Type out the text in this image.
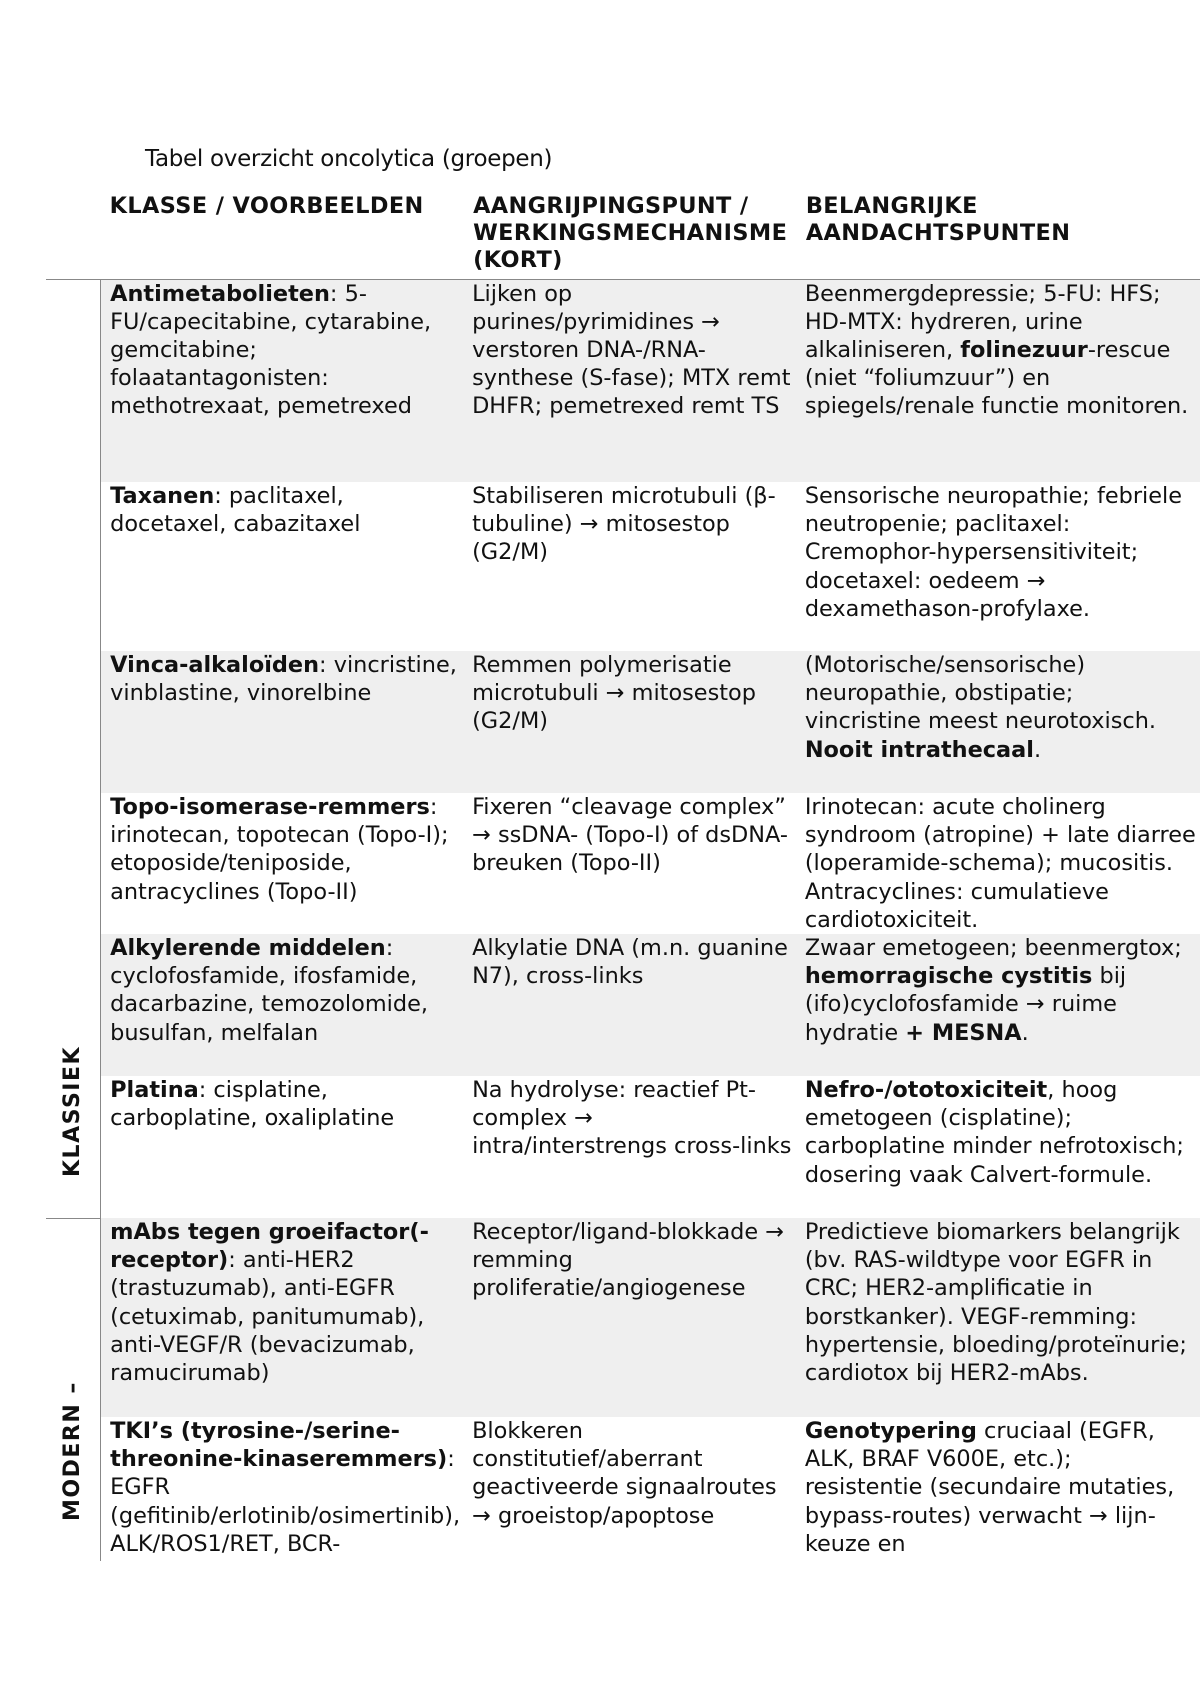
Tabel overzicht oncolytica (groepen)
	KLASSE / VOORBEELDEN	AANGRIJPINGSPUNT / WERKINGSMECHANISME (KORT)	BELANGRIJKE AANDACHTSPUNTEN

KLASSIEK	Antimetabolieten: 5-FU/capecitabine, cytarabine, gemcitabine; folaatantagonisten: methotrexaat, pemetrexed	Lijken op purines/pyrimidines → verstoren DNA-/RNA-synthese (S-fase); MTX remt DHFR; pemetrexed remt TS	Beenmergdepressie; 5-FU: HFS; HD-MTX: hydreren, urine alkaliniseren, folinezuur-rescue (niet “foliumzuur”) en spiegels/renale functie monitoren.
	Taxanen: paclitaxel, docetaxel, cabazitaxel	Stabiliseren microtubuli (β-tubuline) → mitosestop (G2/M)	Sensorische neuropathie; febriele neutropenie; paclitaxel: Cremophor-hypersensitiviteit; docetaxel: oedeem → dexamethason-profylaxe.
	Vinca-alkaloïden: vincristine, vinblastine, vinorelbine	Remmen polymerisatie microtubuli → mitosestop (G2/M)	(Motorische/sensorische) neuropathie, obstipatie; vincristine meest neurotoxisch. Nooit intrathecaal.
	Topo-isomerase-remmers: irinotecan, topotecan (Topo-I); etoposide/teniposide, antracyclines (Topo-II)	Fixeren “cleavage complex” → ssDNA- (Topo-I) of dsDNA-breuken (Topo-II)	Irinotecan: acute cholinerg syndroom (atropine) + late diarree (loperamide-schema); mucositis. Antracyclines: cumulatieve cardiotoxiciteit.
	Alkylerende middelen: cyclofosfamide, ifosfamide, dacarbazine, temozolomide, busulfan, melfalan	Alkylatie DNA (m.n. guanine N7), cross-links	Zwaar emetogeen; beenmergtox; hemorragische cystitis bij (ifo)cyclofosfamide → ruime hydratie + MESNA.
	Platina: cisplatine, carboplatine, oxaliplatine	Na hydrolyse: reactief Pt-complex → intra/interstrengs cross-links	Nefro-/ototoxiciteit, hoog emetogeen (cisplatine); carboplatine minder nefrotoxisch; dosering vaak Calvert-formule.

MODERN –	mAbs tegen groeifactor(-receptor): anti-HER2 (trastuzumab), anti-EGFR (cetuximab, panitumumab), anti-VEGF/R (bevacizumab, ramucirumab)	Receptor/ligand-blokkade → remming proliferatie/angiogenese	Predictieve biomarkers belangrijk (bv. RAS-wildtype voor EGFR in CRC; HER2-amplificatie in borstkanker). VEGF-remming: hypertensie, bloeding/proteïnurie; cardiotox bij HER2-mAbs.
	TKI’s (tyrosine-/serine-threonine-kinaseremmers): EGFR (gefitinib/erlotinib/osimertinib), ALK/ROS1/RET, BCR-	Blokkeren constitutief/aberrant geactiveerde signaalroutes → groeistop/apoptose	Genotypering cruciaal (EGFR, ALK, BRAF V600E, etc.); resistentie (secundaire mutaties, bypass-routes) verwacht → lijn-keuze en
